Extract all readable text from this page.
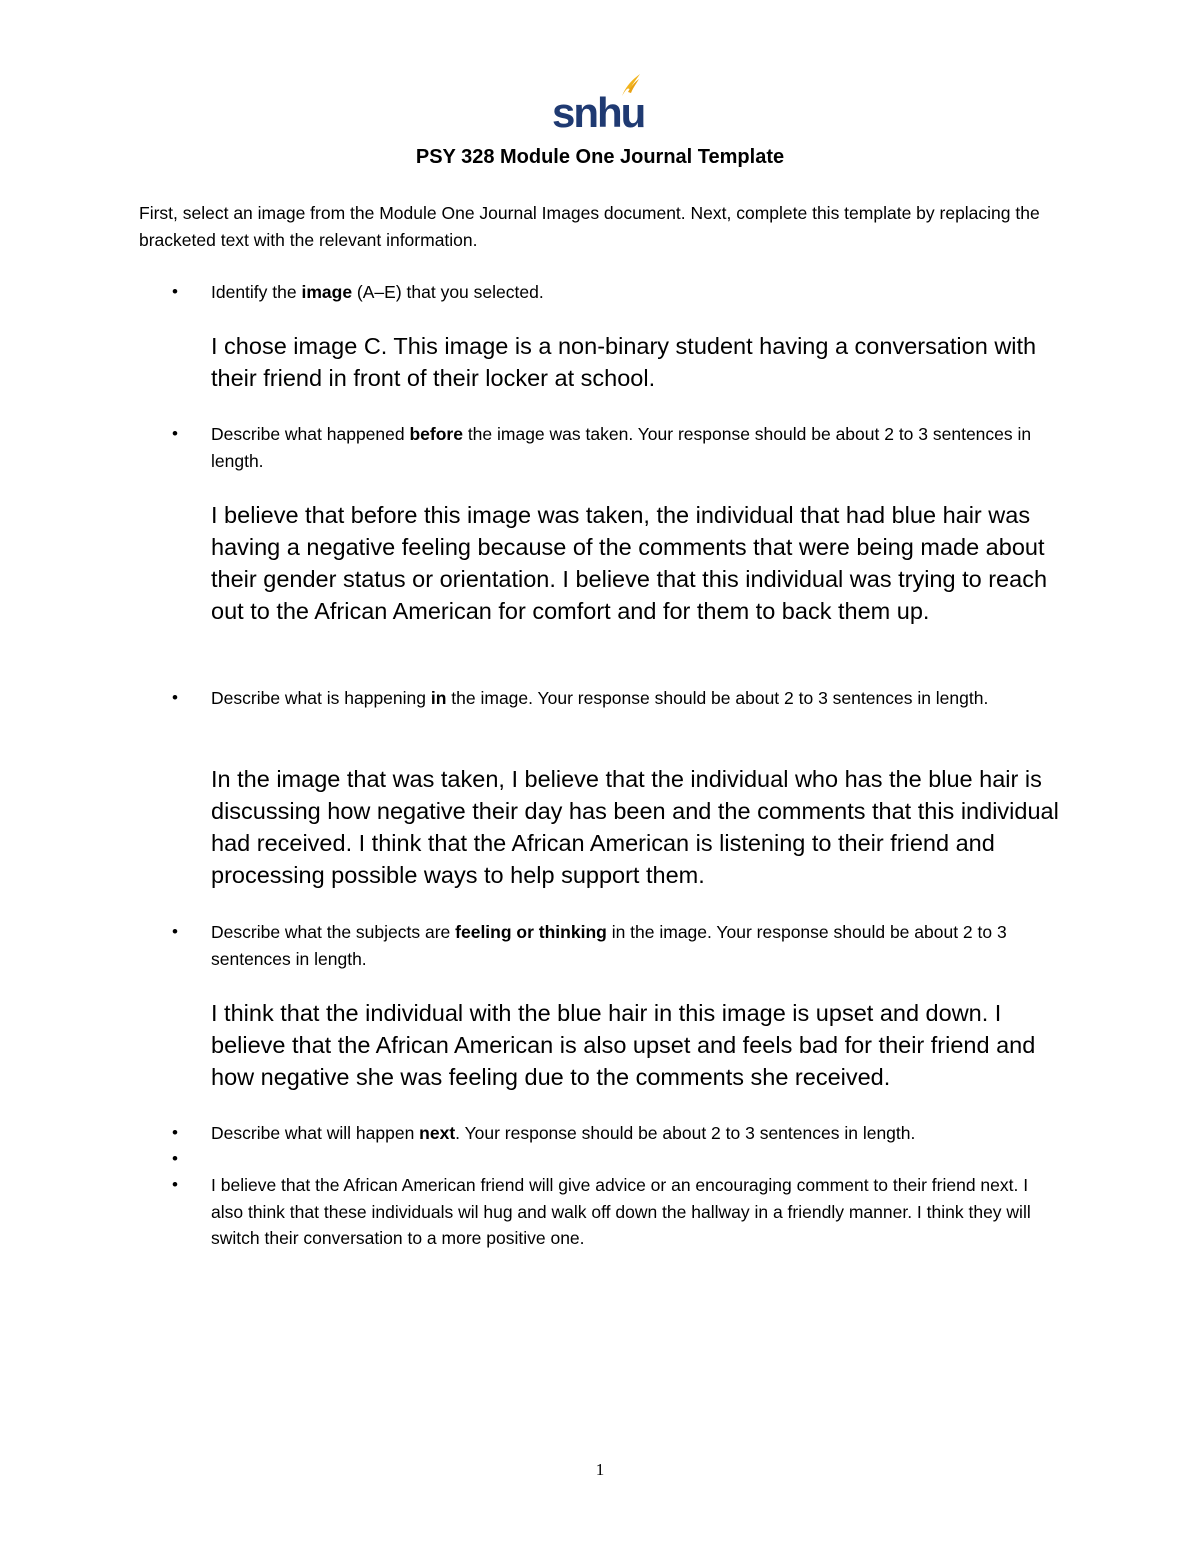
snhu
PSY 328 Module One Journal Template
First, select an image from the Module One Journal Images document. Next, complete this template by replacing the bracketed text with the relevant information.
• Identify the image (A–E) that you selected.
I chose image C. This image is a non-binary student having a conversation with their friend in front of their locker at school.
• Describe what happened before the image was taken. Your response should be about 2 to 3 sentences in length.
I believe that before this image was taken, the individual that had blue hair was having a negative feeling because of the comments that were being made about their gender status or orientation. I believe that this individual was trying to reach out to the African American for comfort and for them to back them up.
• Describe what is happening in the image. Your response should be about 2 to 3 sentences in length.
In the image that was taken, I believe that the individual who has the blue hair is discussing how negative their day has been and the comments that this individual had received. I think that the African American is listening to their friend and processing possible ways to help support them.
• Describe what the subjects are feeling or thinking in the image. Your response should be about 2 to 3 sentences in length.
I think that the individual with the blue hair in this image is upset and down. I believe that the African American is also upset and feels bad for their friend and how negative she was feeling due to the comments she received.
• Describe what will happen next. Your response should be about 2 to 3 sentences in length.
•
• I believe that the African American friend will give advice or an encouraging comment to their friend next. I also think that these individuals wil hug and walk off down the hallway in a friendly manner. I think they will switch their conversation to a more positive one.
1
